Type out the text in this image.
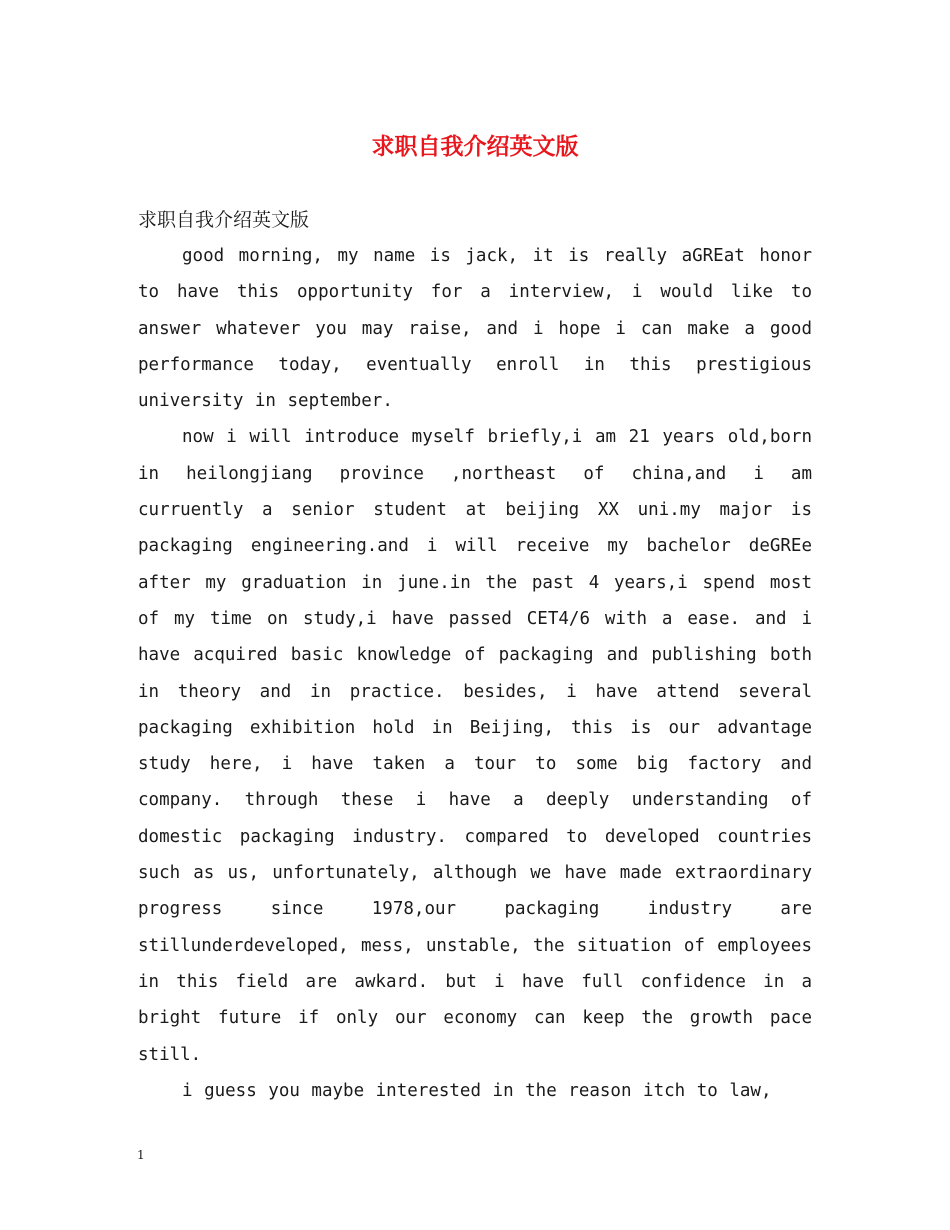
求职自我介绍英文版

求职自我介绍英文版

good morning, my name is jack, it is really aGREat honor to have this opportunity for a interview, i would like to answer whatever you may raise, and i hope i can make a good performance today, eventually enroll in this prestigious university in september.

now i will introduce myself briefly,i am 21 years old,born in heilongjiang province ,northeast of china,and i am curruently a senior student at beijing XX uni.my major is packaging engineering.and i will receive my bachelor deGREe after my graduation in june.in the past 4 years,i spend most of my time on study,i have passed CET4/6 with a ease. and i have acquired basic knowledge of packaging and publishing both in theory and in practice. besides, i have attend several packaging exhibition hold in Beijing, this is our advantage study here, i have taken a tour to some big factory and company. through these i have a deeply understanding of domestic packaging industry. compared to developed countries such as us, unfortunately, although we have made extraordinary progress since 1978,our packaging industry are stillunderdeveloped, mess, unstable, the situation of employees in this field are awkard. but i have full confidence in a bright future if only our economy can keep the growth pace still.

i guess you maybe interested in the reason itch to law,

1
